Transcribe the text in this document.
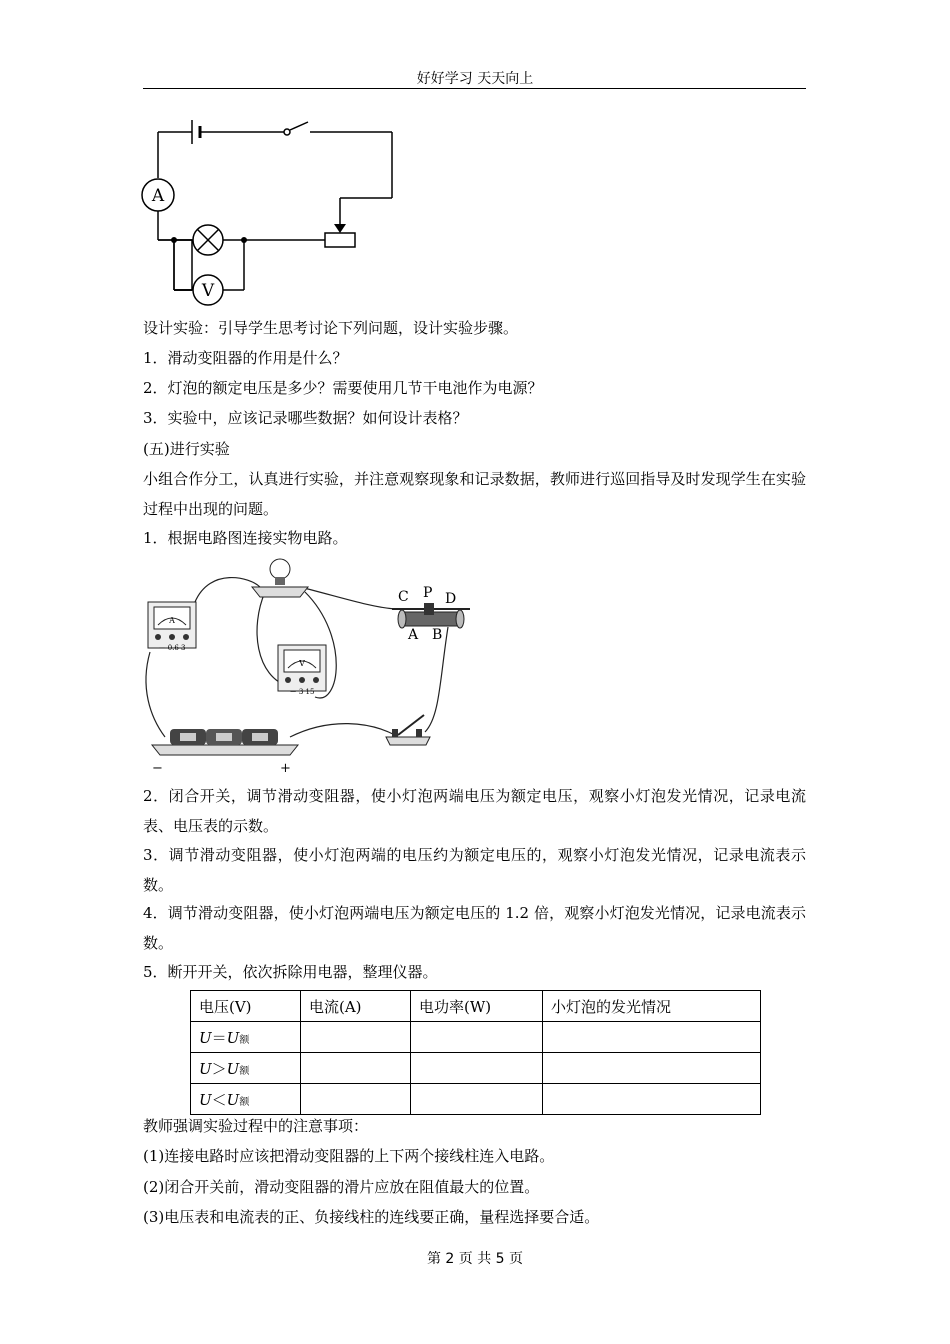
好好学习 天天向上
A
V
设计实验：引导学生思考讨论下列问题，设计实验步骤。
1．滑动变阻器的作用是什么？
2．灯泡的额定电压是多少？需要使用几节干电池作为电源？
3．实验中，应该记录哪些数据？如何设计表格？
(五)进行实验
小组合作分工，认真进行实验，并注意观察现象和记录数据，教师进行巡回指导及时发现学生在实验过程中出现的问题。
1．根据电路图连接实物电路。
A
－ 0.6 3
V
－ 3 15
C P D
A B
−	+
2．闭合开关，调节滑动变阻器，使小灯泡两端电压为额定电压，观察小灯泡发光情况，记录电流表、电压表的示数。
3．调节滑动变阻器，使小灯泡两端的电压约为额定电压的，观察小灯泡发光情况，记录电流表示数。
4．调节滑动变阻器，使小灯泡两端电压为额定电压的 1.2 倍，观察小灯泡发光情况，记录电流表示数。
5．断开开关，依次拆除用电器，整理仪器。
电压(V)	电流(A)	电功率(W)	小灯泡的发光情况
U＝U额			
U＞U额			
U＜U额			
教师强调实验过程中的注意事项：
(1)连接电路时应该把滑动变阻器的上下两个接线柱连入电路。
(2)闭合开关前，滑动变阻器的滑片应放在阻值最大的位置。
(3)电压表和电流表的正、负接线柱的连线要正确，量程选择要合适。
第 2 页 共 5 页
